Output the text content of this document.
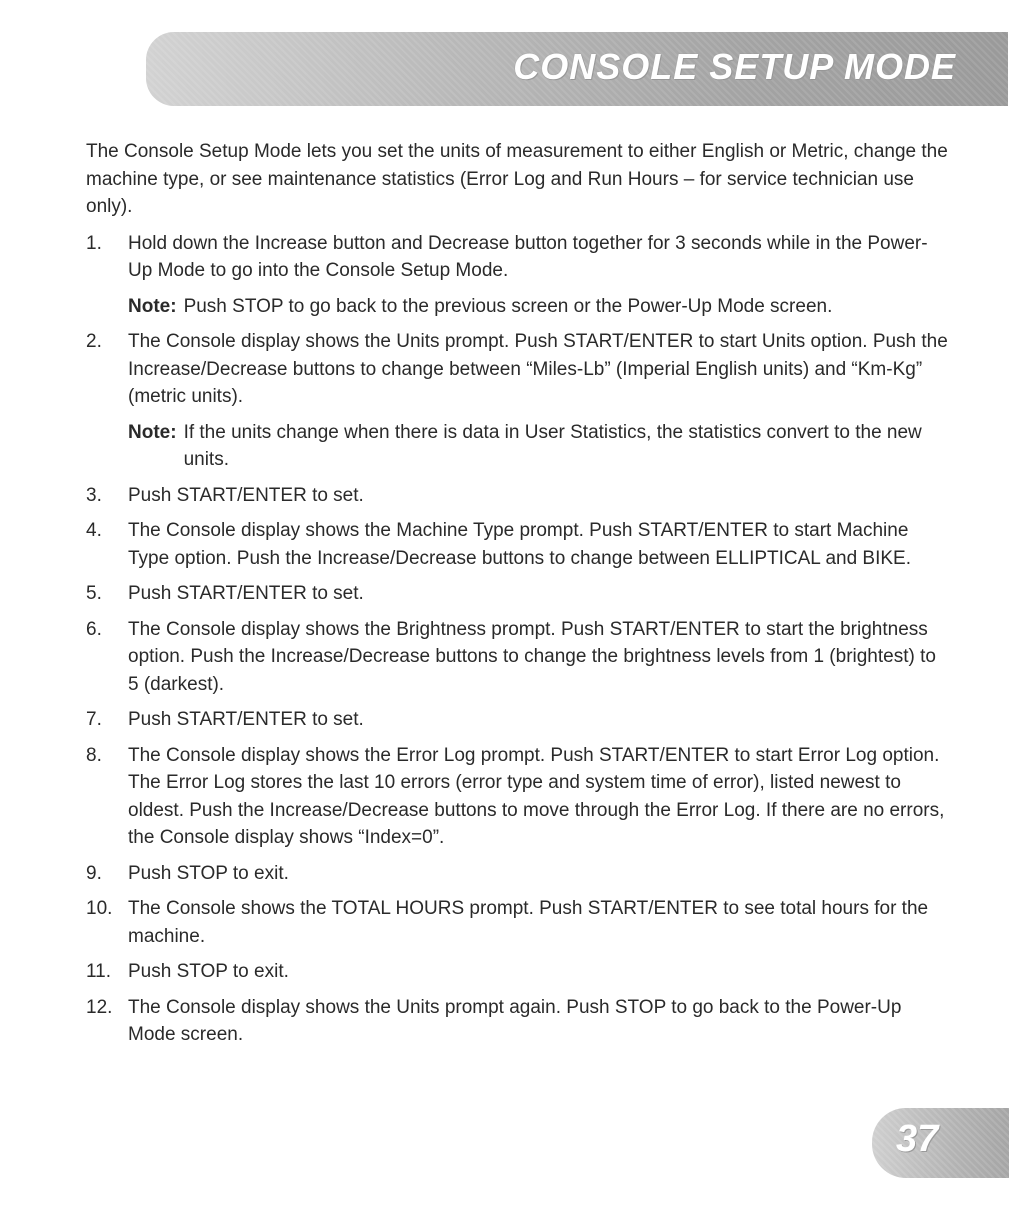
CONSOLE SETUP MODE

The Console Setup Mode lets you set the units of measurement to either English or Metric, change the machine type, or see maintenance statistics (Error Log and Run Hours – for service technician use only).

1. Hold down the Increase button and Decrease button together for 3 seconds while in the Power-Up Mode to go into the Console Setup Mode.
Note: Push STOP to go back to the previous screen or the Power-Up Mode screen.
2. The Console display shows the Units prompt. Push START/ENTER to start Units option. Push the Increase/Decrease buttons to change between “Miles-Lb” (Imperial English units) and “Km-Kg” (metric units).
Note: If the units change when there is data in User Statistics, the statistics convert to the new units.
3. Push START/ENTER to set.
4. The Console display shows the Machine Type prompt. Push START/ENTER to start Machine Type option. Push the Increase/Decrease buttons to change between ELLIPTICAL and BIKE.
5. Push START/ENTER to set.
6. The Console display shows the Brightness prompt. Push START/ENTER to start the brightness option. Push the Increase/Decrease buttons to change the brightness levels from 1 (brightest) to 5 (darkest).
7. Push START/ENTER to set.
8. The Console display shows the Error Log prompt. Push START/ENTER to start Error Log option. The Error Log stores the last 10 errors (error type and system time of error), listed newest to oldest. Push the Increase/Decrease buttons to move through the Error Log. If there are no errors, the Console display shows “Index=0”.
9. Push STOP to exit.
10. The Console shows the TOTAL HOURS prompt. Push START/ENTER to see total hours for the machine.
11. Push STOP to exit.
12. The Console display shows the Units prompt again. Push STOP to go back to the Power-Up Mode screen.
37
